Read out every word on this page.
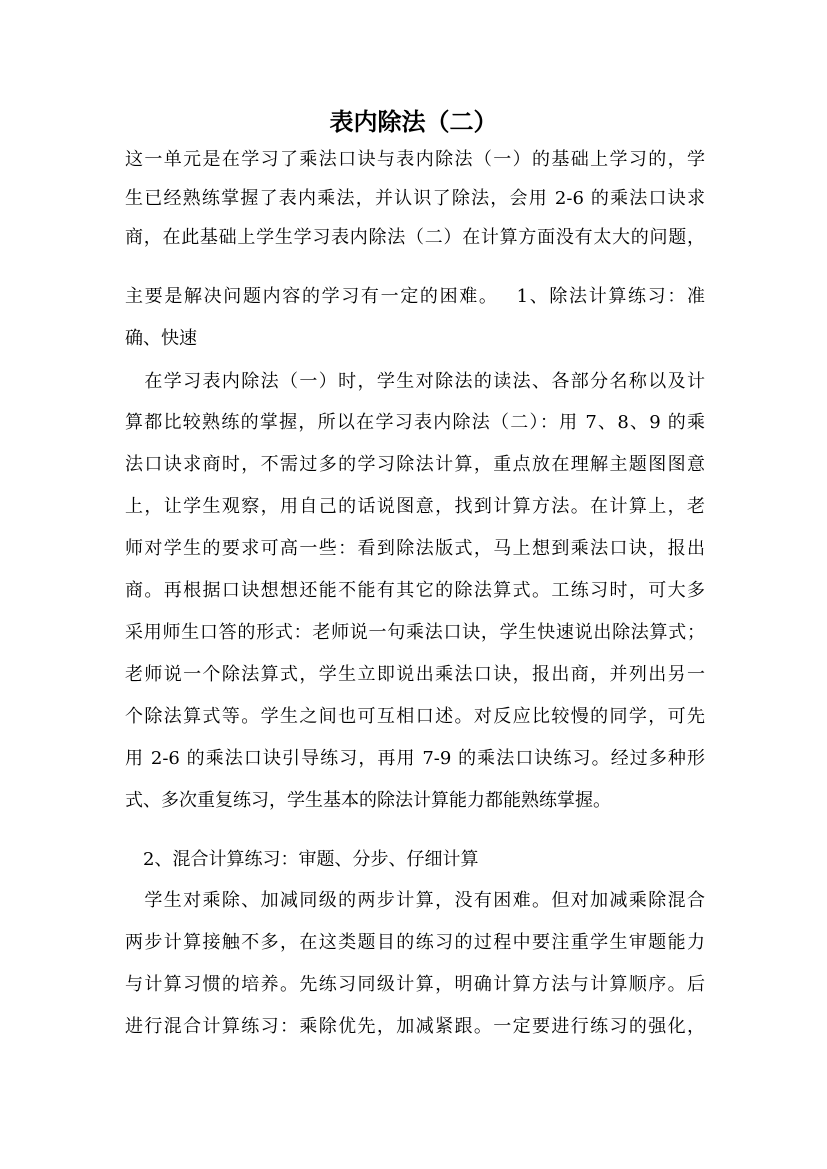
表内除法（二）
这一单元是在学习了乘法口诀与表内除法（一）的基础上学习的，学
生已经熟练掌握了表内乘法，并认识了除法，会用 2-6 的乘法口诀求
商，在此基础上学生学习表内除法（二）在计算方面没有太大的问题，
主要是解决问题内容的学习有一定的困难。　 1、除法计算练习：准
确、快速
　在学习表内除法（一）时，学生对除法的读法、各部分名称以及计
算都比较熟练的掌握，所以在学习表内除法（二）：用 7、8、9 的乘
法口诀求商时，不需过多的学习除法计算，重点放在理解主题图图意
上，让学生观察，用自己的话说图意，找到计算方法。在计算上，老
师对学生的要求可高一些：看到除法版式，马上想到乘法口诀，报出
商。再根据口诀想想还能不能有其它的除法算式。工练习时，可大多
采用师生口答的形式：老师说一句乘法口诀，学生快速说出除法算式；
老师说一个除法算式，学生立即说出乘法口诀，报出商，并列出另一
个除法算式等。学生之间也可互相口述。对反应比较慢的同学，可先
用 2-6 的乘法口诀引导练习，再用 7-9 的乘法口诀练习。经过多种形
式、多次重复练习，学生基本的除法计算能力都能熟练掌握。
　2、混合计算练习：审题、分步、仔细计算
　学生对乘除、加减同级的两步计算，没有困难。但对加减乘除混合
两步计算接触不多，在这类题目的练习的过程中要注重学生审题能力
与计算习惯的培养。先练习同级计算，明确计算方法与计算顺序。后
进行混合计算练习：乘除优先，加减紧跟。一定要进行练习的强化，
